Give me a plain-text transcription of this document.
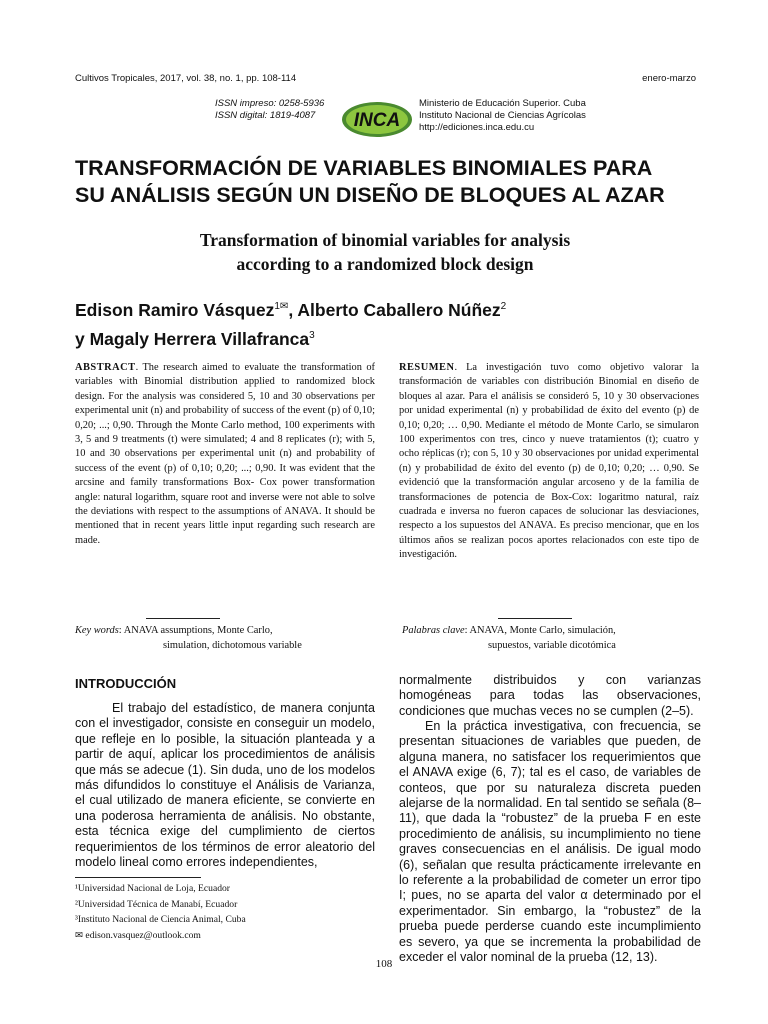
Cultivos Tropicales, 2017, vol. 38, no. 1, pp. 108-114	enero-marzo
ISSN impreso: 0258-5936
ISSN digital: 1819-4087	INCA
Ministerio de Educación Superior. Cuba
Instituto Nacional de Ciencias Agrícolas
http://ediciones.inca.edu.cu
TRANSFORMACIÓN DE VARIABLES BINOMIALES PARA
SU ANÁLISIS SEGÚN UN DISEÑO DE BLOQUES AL AZAR
Transformation of binomial variables for analysis
according to a randomized block design
Edison Ramiro Vásquez$^{1✉}$, Alberto Caballero Núñez$^2$
y Magaly Herrera Villafranca$^3$

ABSTRACT. The research aimed to evaluate the transformation of variables with Binomial distribution applied to randomized block design. For the analysis was considered 5, 10 and 30 observations per experimental unit (n) and probability of success of the event (p) of 0,10; 0,20; ...; 0,90. Through the Monte Carlo method, 100 experiments with 3, 5 and 9 treatments (t) were simulated; 4 and 8 replicates (r); with 5, 10 and 30 observations per experimental unit (n) and probability of success of the event (p) of 0,10; 0,20; ...; 0,90. It was evident that the arcsine and family transformations Box- Cox power transformation angle: natural logarithm, square root and inverse were not able to solve the deviations with respect to the assumptions of ANAVA. It should be mentioned that in recent years little input regarding such research are made.

RESUMEN. La investigación tuvo como objetivo valorar la transformación de variables con distribución Binomial en diseño de bloques al azar. Para el análisis se consideró 5, 10 y 30 observaciones por unidad experimental (n) y probabilidad de éxito del evento (p) de 0,10; 0,20; … 0,90. Mediante el método de Monte Carlo, se simularon 100 experimentos con tres, cinco y nueve tratamientos (t); cuatro y ocho réplicas (r); con 5, 10 y 30 observaciones por unidad experimental (n) y probabilidad de éxito del evento (p) de 0,10; 0,20; … 0,90. Se evidenció que la transformación angular arcoseno y de la familia de transformaciones de potencia de Box-Cox: logaritmo natural, raíz cuadrada e inversa no fueron capaces de solucionar las desviaciones, respecto a los supuestos del ANAVA. Es preciso mencionar, que en los últimos años se realizan pocos aportes relacionados con este tipo de investigación.

Key words: ANAVA assumptions, Monte Carlo,
simulation, dichotomous variable
Palabras clave: ANAVA, Monte Carlo, simulación,
supuestos, variable dicotómica
INTRODUCCIÓN

El trabajo del estadístico, de manera conjunta con el investigador, consiste en conseguir un modelo, que refleje en lo posible, la situación planteada y a partir de aquí, aplicar los procedimientos de análisis que más se adecue (1). Sin duda, uno de los modelos más difundidos lo constituye el Análisis de Varianza, el cual utilizado de manera eficiente, se convierte en una poderosa herramienta de análisis. No obstante, esta técnica exige del cumplimiento de ciertos requerimientos de los términos de error aleatorio del modelo lineal como errores independientes,

normalmente distribuidos y con varianzas homogéneas para todas las observaciones, condiciones que muchas veces no se cumplen (2–5).

En la práctica investigativa, con frecuencia, se presentan situaciones de variables que pueden, de alguna manera, no satisfacer los requerimientos que el ANAVA exige (6, 7); tal es el caso, de variables de conteos, que por su naturaleza discreta pueden alejarse de la normalidad. En tal sentido se señala (8–11), que dada la “robustez” de la prueba F en este procedimiento de análisis, su incumplimiento no tiene graves consecuencias en el análisis. De igual modo (6), señalan que resulta prácticamente irrelevante en lo referente a la probabilidad de cometer un error tipo I; pues, no se aparta del valor α determinado por el experimentador. Sin embargo, la “robustez” de la prueba puede perderse cuando este incumplimiento es severo, ya que se incrementa la probabilidad de exceder el valor nominal de la prueba (12, 13).

¹Universidad Nacional de Loja, Ecuador
²Universidad Técnica de Manabí, Ecuador
³Instituto Nacional de Ciencia Animal, Cuba
✉ edison.vasquez@outlook.com
108
